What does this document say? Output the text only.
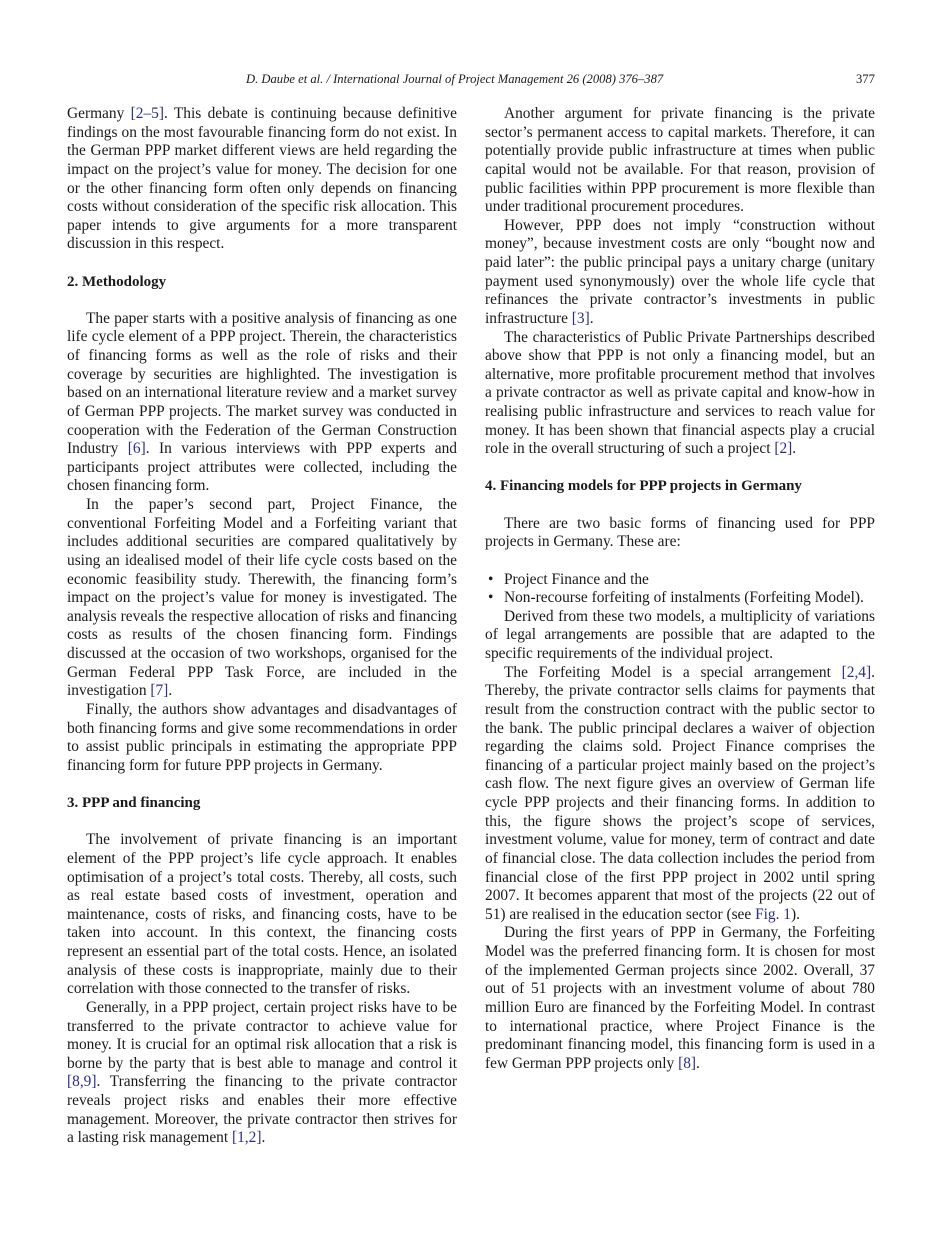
D. Daube et al. / International Journal of Project Management 26 (2008) 376–387	377

Germany [2–5]. This debate is continuing because definitive findings on the most favourable financing form do not exist. In the German PPP market different views are held regarding the impact on the project’s value for money. The decision for one or the other financing form often only depends on financing costs without consideration of the specific risk allocation. This paper intends to give arguments for a more transparent discussion in this respect.

2. Methodology

The paper starts with a positive analysis of financing as one life cycle element of a PPP project. Therein, the characteristics of financing forms as well as the role of risks and their coverage by securities are highlighted. The investigation is based on an international literature review and a market survey of German PPP projects. The market survey was conducted in cooperation with the Federation of the German Construction Industry [6]. In various interviews with PPP experts and participants project attributes were collected, including the chosen financing form.

In the paper’s second part, Project Finance, the conventional Forfeiting Model and a Forfeiting variant that includes additional securities are compared qualitatively by using an idealised model of their life cycle costs based on the economic feasibility study. Therewith, the financing form’s impact on the project’s value for money is investigated. The analysis reveals the respective allocation of risks and financing costs as results of the chosen financing form. Findings discussed at the occasion of two workshops, organised for the German Federal PPP Task Force, are included in the investigation [7].

Finally, the authors show advantages and disadvantages of both financing forms and give some recommendations in order to assist public principals in estimating the appropriate PPP financing form for future PPP projects in Germany.

3. PPP and financing

The involvement of private financing is an important element of the PPP project’s life cycle approach. It enables optimisation of a project’s total costs. Thereby, all costs, such as real estate based costs of investment, operation and maintenance, costs of risks, and financing costs, have to be taken into account. In this context, the financing costs represent an essential part of the total costs. Hence, an isolated analysis of these costs is inappropriate, mainly due to their correlation with those connected to the transfer of risks.

Generally, in a PPP project, certain project risks have to be transferred to the private contractor to achieve value for money. It is crucial for an optimal risk allocation that a risk is borne by the party that is best able to manage and control it [8,9]. Transferring the financing to the private contractor reveals project risks and enables their more effective management. Moreover, the private contractor then strives for a lasting risk management [1,2].

Another argument for private financing is the private sector’s permanent access to capital markets. Therefore, it can potentially provide public infrastructure at times when public capital would not be available. For that reason, provision of public facilities within PPP procurement is more flexible than under traditional procurement procedures.

However, PPP does not imply “construction without money”, because investment costs are only “bought now and paid later”: the public principal pays a unitary charge (unitary payment used synonymously) over the whole life cycle that refinances the private contractor’s investments in public infrastructure [3].

The characteristics of Public Private Partnerships described above show that PPP is not only a financing model, but an alternative, more profitable procurement method that involves a private contractor as well as private capital and know-how in realising public infrastructure and services to reach value for money. It has been shown that financial aspects play a crucial role in the overall structuring of such a project [2].

4. Financing models for PPP projects in Germany

There are two basic forms of financing used for PPP projects in Germany. These are:

• Project Finance and the
• Non-recourse forfeiting of instalments (Forfeiting Model).

Derived from these two models, a multiplicity of variations of legal arrangements are possible that are adapted to the specific requirements of the individual project.

The Forfeiting Model is a special arrangement [2,4]. Thereby, the private contractor sells claims for payments that result from the construction contract with the public sector to the bank. The public principal declares a waiver of objection regarding the claims sold. Project Finance comprises the financing of a particular project mainly based on the project’s cash flow. The next figure gives an overview of German life cycle PPP projects and their financing forms. In addition to this, the figure shows the project’s scope of services, investment volume, value for money, term of contract and date of financial close. The data collection includes the period from financial close of the first PPP project in 2002 until spring 2007. It becomes apparent that most of the projects (22 out of 51) are realised in the education sector (see Fig. 1).

During the first years of PPP in Germany, the Forfeiting Model was the preferred financing form. It is chosen for most of the implemented German projects since 2002. Overall, 37 out of 51 projects with an investment volume of about 780 million Euro are financed by the Forfeiting Model. In contrast to international practice, where Project Finance is the predominant financing model, this financing form is used in a few German PPP projects only [8].
